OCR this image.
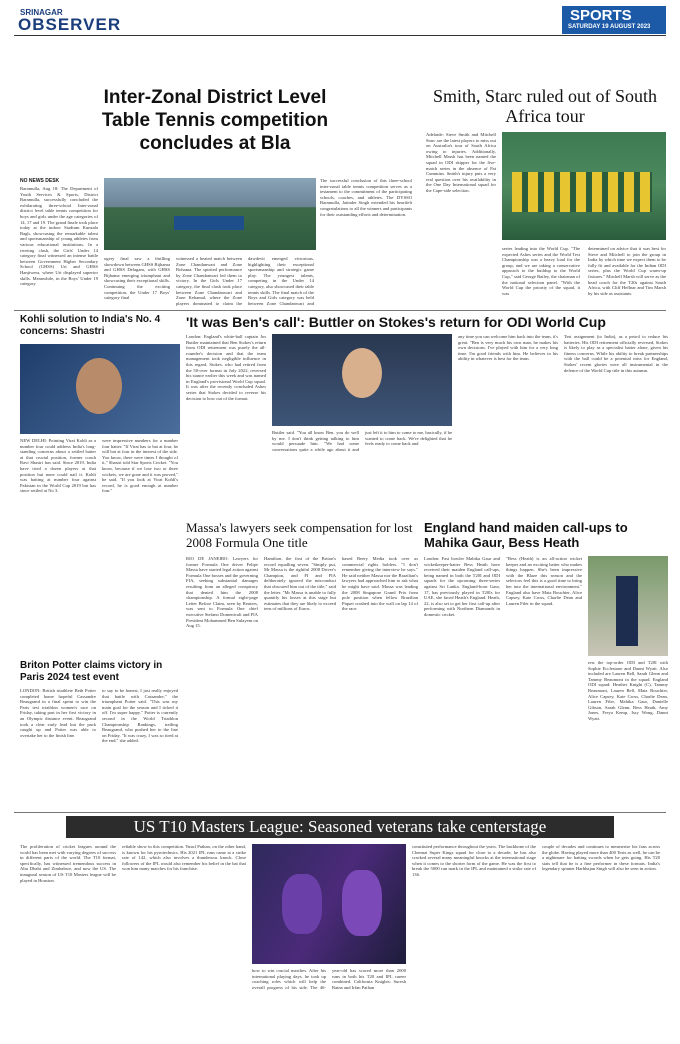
SRINAGAR
OBSERVER	SPORTS
SATURDAY 19 AUGUST 2023
Inter-Zonal District Level Table Tennis competition concludes at Bla
NO NEWS DESK
Baramulla, Aug 18: The Department of Youth Services & Sports, District Baramulla, successfully concluded the exhilarating three-school Inter-zonal district level table tennis competition for boys and girls under the age categories of 14, 17 and 19. The grand finale took place today at the indoor Stadium Kunzala Bagh, showcasing the remarkable talent and sportsmanship of young athletes from various educational institutions. In a riveting clash, the Girls' Under 14 category final witnessed an intense battle between Government Higher Secondary School (GHSS) Uri and GHSS Hanjiwera, where Uri displayed superior skills. Meanwhile, in the Boys' Under 19 category
ogery final saw a thrilling showdown between GHSS Bijhama and GHSS Delagam, with GHSS Bijhama emerging triumphant and showcasing their exceptional skills. Continuing the exciting competition, the Under 17 Boys' category final
witnessed a heated match between Zone Chandanwari and Zone Bohama. The spirited performance by Zone Chandanwari led them to victory. In the Girls Under 17 category, the final clash took place between Zone Chandanwari and Zone Kehamal, where the Zone players dominated to claim the
dawdevit emerged victorious, highlighting their exceptional sportsmanship and strategic game play. The youngest talents, competing in the Under 14 category, also showcased their table tennis skills. The final match of the Boys and Girls category was held between Zone Chandanwari and
The successful conclusion of this three-school inter-zonal table tennis competition serves as a testament to the commitment of the participating schools, coaches, and athletes. The DYSSO Baramulla, Jatinder Singh extended his heartfelt congratulations to all the winners and participants for their outstanding efforts and determination.
Smith, Starc ruled out of South Africa tour
Adelaide: Steve Smith and Mitchell Starc are the latest players to miss out on Australia's tour of South Africa owing to injuries. Additionally, Mitchell Marsh has been named the squad in ODI skipper for the five-match series in the absence of Pat Cummins. Smith's injury puts a very real question over his availability in the One Day International squad for the Cape-side selection.
series leading into the World Cup. "The expected Ashes series and the World Test Championship was a heavy load for the group, and we are taking a conservative approach to the buildup to the World Cup," said George Bailey, the chairman of the national selection panel. "With the World Cup the priority of the squad, it was
determined on advice that it was best for Steve and Mitchell to join the group in India by which time we expect them to be fully fit and available for the Indian ODI series, plus the World Cup warm-up fixtures." Mitchell Marsh will serve as the head coach for the T20s against South Africa, with Cliff Heflnar and Tim Marsh by his side as assistants.
Kohli solution to India's No. 4 concerns: Shastri
NEW DELHI: Pointing Virat Kohli as a number four could address India's long-standing concerns about a settled batter at that crucial position, former coach Ravi Shastri has said. Since 2019, India have tried a dozen players at that position but none could nail it. Kohli was batting at number four against Pakistan in the World Cup 2019 but has since settled at No 3.
were impressive numbers for a number four batter. "If Virat has to bat at four, he will bat at four in the interest of the side. You know, there were times I thought of it," Shastri told Star Sports Cricket. "You know, because if we lose two or three wickets, we are gone and it was proved," he said. "If you look at Virat Kohli's record, he is good enough at number four."
Briton Potter claims victory in Paris 2024 test event
LONDON: British triathlete Beth Potter completed home hopeful Cassandre Beaugrand in a final sprint to win the Paris test triathlon women's race on Friday, taking part in her first victory in an Olympic distance event. Beaugrand took a clear early lead but the pack caught up and Potter was able to overtake her to the finish line.
to say to be honest, I just really enjoyed that battle with Cassandre," the triumphant Potter said. "This was my main goal for the season and I ticked it off. I'm super happy." Potter is currently second in the World Triathlon Championship Rankings, trailing Beaugrand, who pushed her to the line on Friday. "It was crazy, I was so tired at the end," she added.
'It was Ben's call': Buttler on Stokes's return for ODI World Cup
London: England's white-ball captain Jos Buttler maintained that Ben Stokes's return from ODI retirement was purely the all-rounder's decision and that the team management took negligible influence in this regard. Stokes, who had retired from the 50-over format in July 2022, reversed his stance earlier this week and was named in England's provisional World Cup squad. It was after the recently concluded Ashes series that Stokes decided to reverse his decision to bow out of the format.
Buttler said. "You all know Ben, you do well by me. I don't think getting talking to him would persuade him. "We had some conversations quite a while ago about it and just left it to him to come to me, basically, if he wanted to come back. We're delighted that he feels ready to come back and
any time you can welcome him back into the team, it's great. "Ben is very much his own man, he makes his own decisions. I've played with him for a very long time. I'm good friends with him. He believes in his ability in whatever is best for the team.
Test assignment (to India), as a petrol to reduce his batteries. His ODI retirement officially reversed, Stokes is likely to play as a specialist batter alone, given his fitness concerns. While his ability to break partnerships with the ball could be a potential miss for England, Stokes' recent glories were all instrumental in the defence of the World Cup title in this autumn.
Massa's lawyers seek compensation for lost 2008 Formula One title
RIO DE JANEIRO: Lawyers for former Formula One driver Felipe Massa have started legal action against Formula One bosses and the governing FIA, seeking substantial damages resulting from an alleged conspiracy that denied him the 2008 championship. A formal eight-page Letter Before Claim, seen by Reuters, was sent to Formula One chief executive Stefano Domenicali and FIA President Mohammed Ben Sulayem on Aug 15.
Hamilton, the first of the Briton's record equalling seven. "Simply put, Mr Massa is the rightful 2008 Driver's Champion, and FI and FIA deliberately ignored the misconduct that obscured him out of the title," said the letter. "Mr Massa is unable to fully quantify his losses at this stage but estimates that they are likely to exceed tens of millions of Euros.
based Beery Media took over as commercial rights holders. "I don't remember giving the interview he says." He said neither Massa nor the Brazilian's lawyers had approached him to ask what he might have said. Massa was leading the 2008 Singapore Grand Prix from pole position when fellow Brazilian Piquet crashed into the wall on lap 14 of the race.
England hand maiden call-ups to Mahika Gaur, Bess Heath
London: Fast bowler Mahika Gaur and wicketkeeper-batter Bess Heath have received their maiden England call-ups, being named in both the T20I and ODI squads for the upcoming three-series against Sri Lanka. England-born Gaur, 17, has previously played in T20Is for UAE, she faced Heath's England. Heath, 22, is also set to get her first call-up after performing with Northern Diamonds in domestic cricket.
"Bess (Heath) is an all-action wicket keeper and an exciting batter who makes things happen. She's been impressive with the Blaze this season and the selectors feel this is a good time to bring her into the international environment." England also have Maia Bouchier, Alice Capsey, Kate Cross, Charlie Dean and Lauren Filer in the squad.
rest the top-order ODI and T20I with Sophie Ecclestone and Danni Wyatt. Also included are Lauren Bell, Sarah Glenn and Tammy Beaumont in the squad. England ODI squad: Heather Knight (C), Tammy Beaumont, Lauren Bell, Maia Bouchier, Alice Capsey, Kate Cross, Charlie Dean, Lauren Filer, Mahika Gaur, Danielle Gibson, Sarah Glenn, Bess Heath, Amy Jones, Freya Kemp, Issy Wong, Danni Wyatt.
US T10 Masters League: Seasoned veterans take centerstage
The proliferation of cricket leagues around the world has been met with varying degrees of success in different parts of the world. The T10 format, specifically, has witnessed tremendous success in Abu Dhabi and Zimbabwe, and now the US. The inaugural season of US T10 Masters league will be played in Houston.
reliable show in this competition. Yusuf Pathan, on the other hand, is known for his pyrotechnics. His 2021 IPL runs came at a strike rate of 142, which also involves a thunderous knock. Close followers of the IPL would also remember his belief in the bat that won him many matches for his franchise.
how to win crucial matches. After his international playing days, he took up coaching roles which will help the overall progress of his side. The 46-year-old has scored more than 2000 runs in both his T20 and IPL career combined. California Knights: Suresh Raina and Irfan Pathan
constituted performance throughout the years. The backbone of the Chennai Super Kings squad for close to a decade, he has also cracked several many meaningful knocks at the international stage when it comes to the shorter form of the game. He was the first to break the 5000 run mark in the IPL and maintained a strike rate of 136.
couple of decades and continues to mesmerise his fans across the globe. Having played more than 400 Tests as well, he can be a nightmare for batting swords when he gets going. His T20 stats tell that he is a fine performer in these formats. India's legendary spinner Harbhajan Singh will also be seen in action.
